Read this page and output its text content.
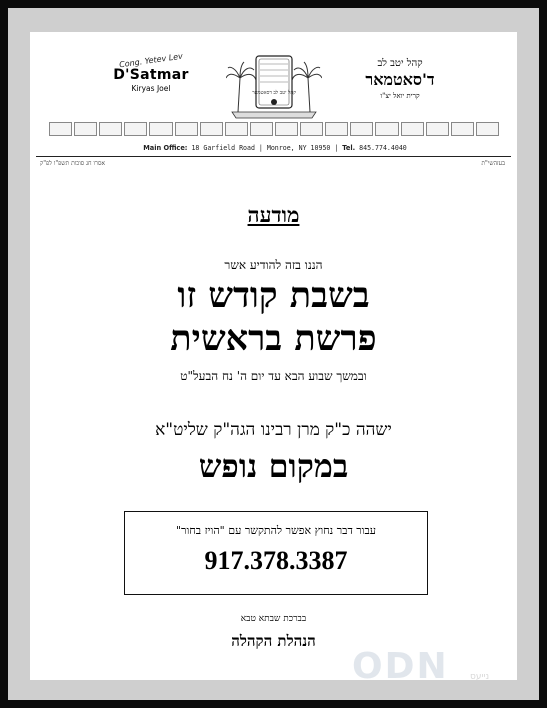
Cong. Yetev Lev
D'Satmar
Kiryas Joel	קהל יטב לב דסאטמאר
קהל יטב לב
ד'סאטמאר
קרית יואל יצ"ו
Main Office: 18 Garfield Road | Monroe, NY 10950 | Tel. 845.774.4040
בעזהשי"ת
אסרו חג סוכות תשפ"ו לפ"ק
מודעה
הננו בזה להודיע אשר
בשבת קודש זו
פרשת בראשית
ובמשך שבוע הבא עד יום ה' נח הבעל"ט
ישהה כ"ק מרן רבינו הגה"ק שליט"א
במקום נופש
עבור דבר נחוץ אפשר להתקשר עם "הויז בחור"
917.378.3387
בברכת שבתא טבא
הנהלת הקהלה
ODN נייעס
